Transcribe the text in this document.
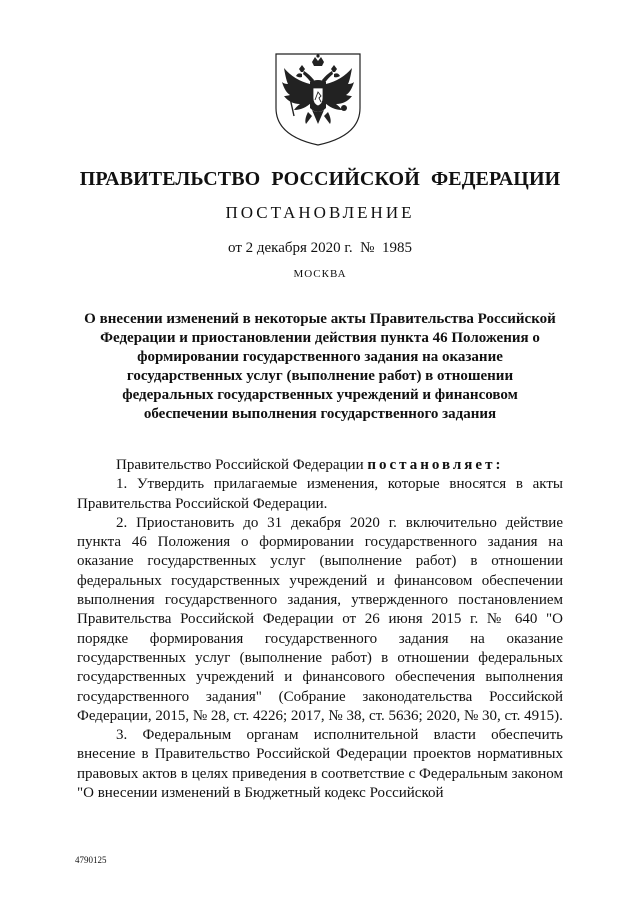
ПРАВИТЕЛЬСТВО РОССИЙСКОЙ ФЕДЕРАЦИИ
ПОСТАНОВЛЕНИЕ
от 2 декабря 2020 г.  №  1985
МОСКВА
О внесении изменений в некоторые акты Правительства Российской Федерации и приостановлении действия пункта 46 Положения о формировании государственного задания на оказание государственных услуг (выполнение работ) в отношении федеральных государственных учреждений и финансовом обеспечении выполнения государственного задания

Правительство Российской Федерации постановляет:

1. Утвердить прилагаемые изменения, которые вносятся в акты Правительства Российской Федерации.

2. Приостановить до 31 декабря 2020 г. включительно действие пункта 46 Положения о формировании государственного задания на оказание государственных услуг (выполнение работ) в отношении федеральных государственных учреждений и финансовом обеспечении выполнения государственного задания, утвержденного постановлением Правительства Российской Федерации от 26 июня 2015 г. № 640 "О порядке формирования государственного задания на оказание государственных услуг (выполнение работ) в отношении федеральных государственных учреждений и финансового обеспечения выполнения государственного задания" (Собрание законодательства Российской Федерации, 2015, № 28, ст. 4226; 2017, № 38, ст. 5636; 2020, № 30, ст. 4915).

3. Федеральным органам исполнительной власти обеспечить внесение в Правительство Российской Федерации проектов нормативных правовых актов в целях приведения в соответствие с Федеральным законом "О внесении изменений в Бюджетный кодекс Российской

4790125
